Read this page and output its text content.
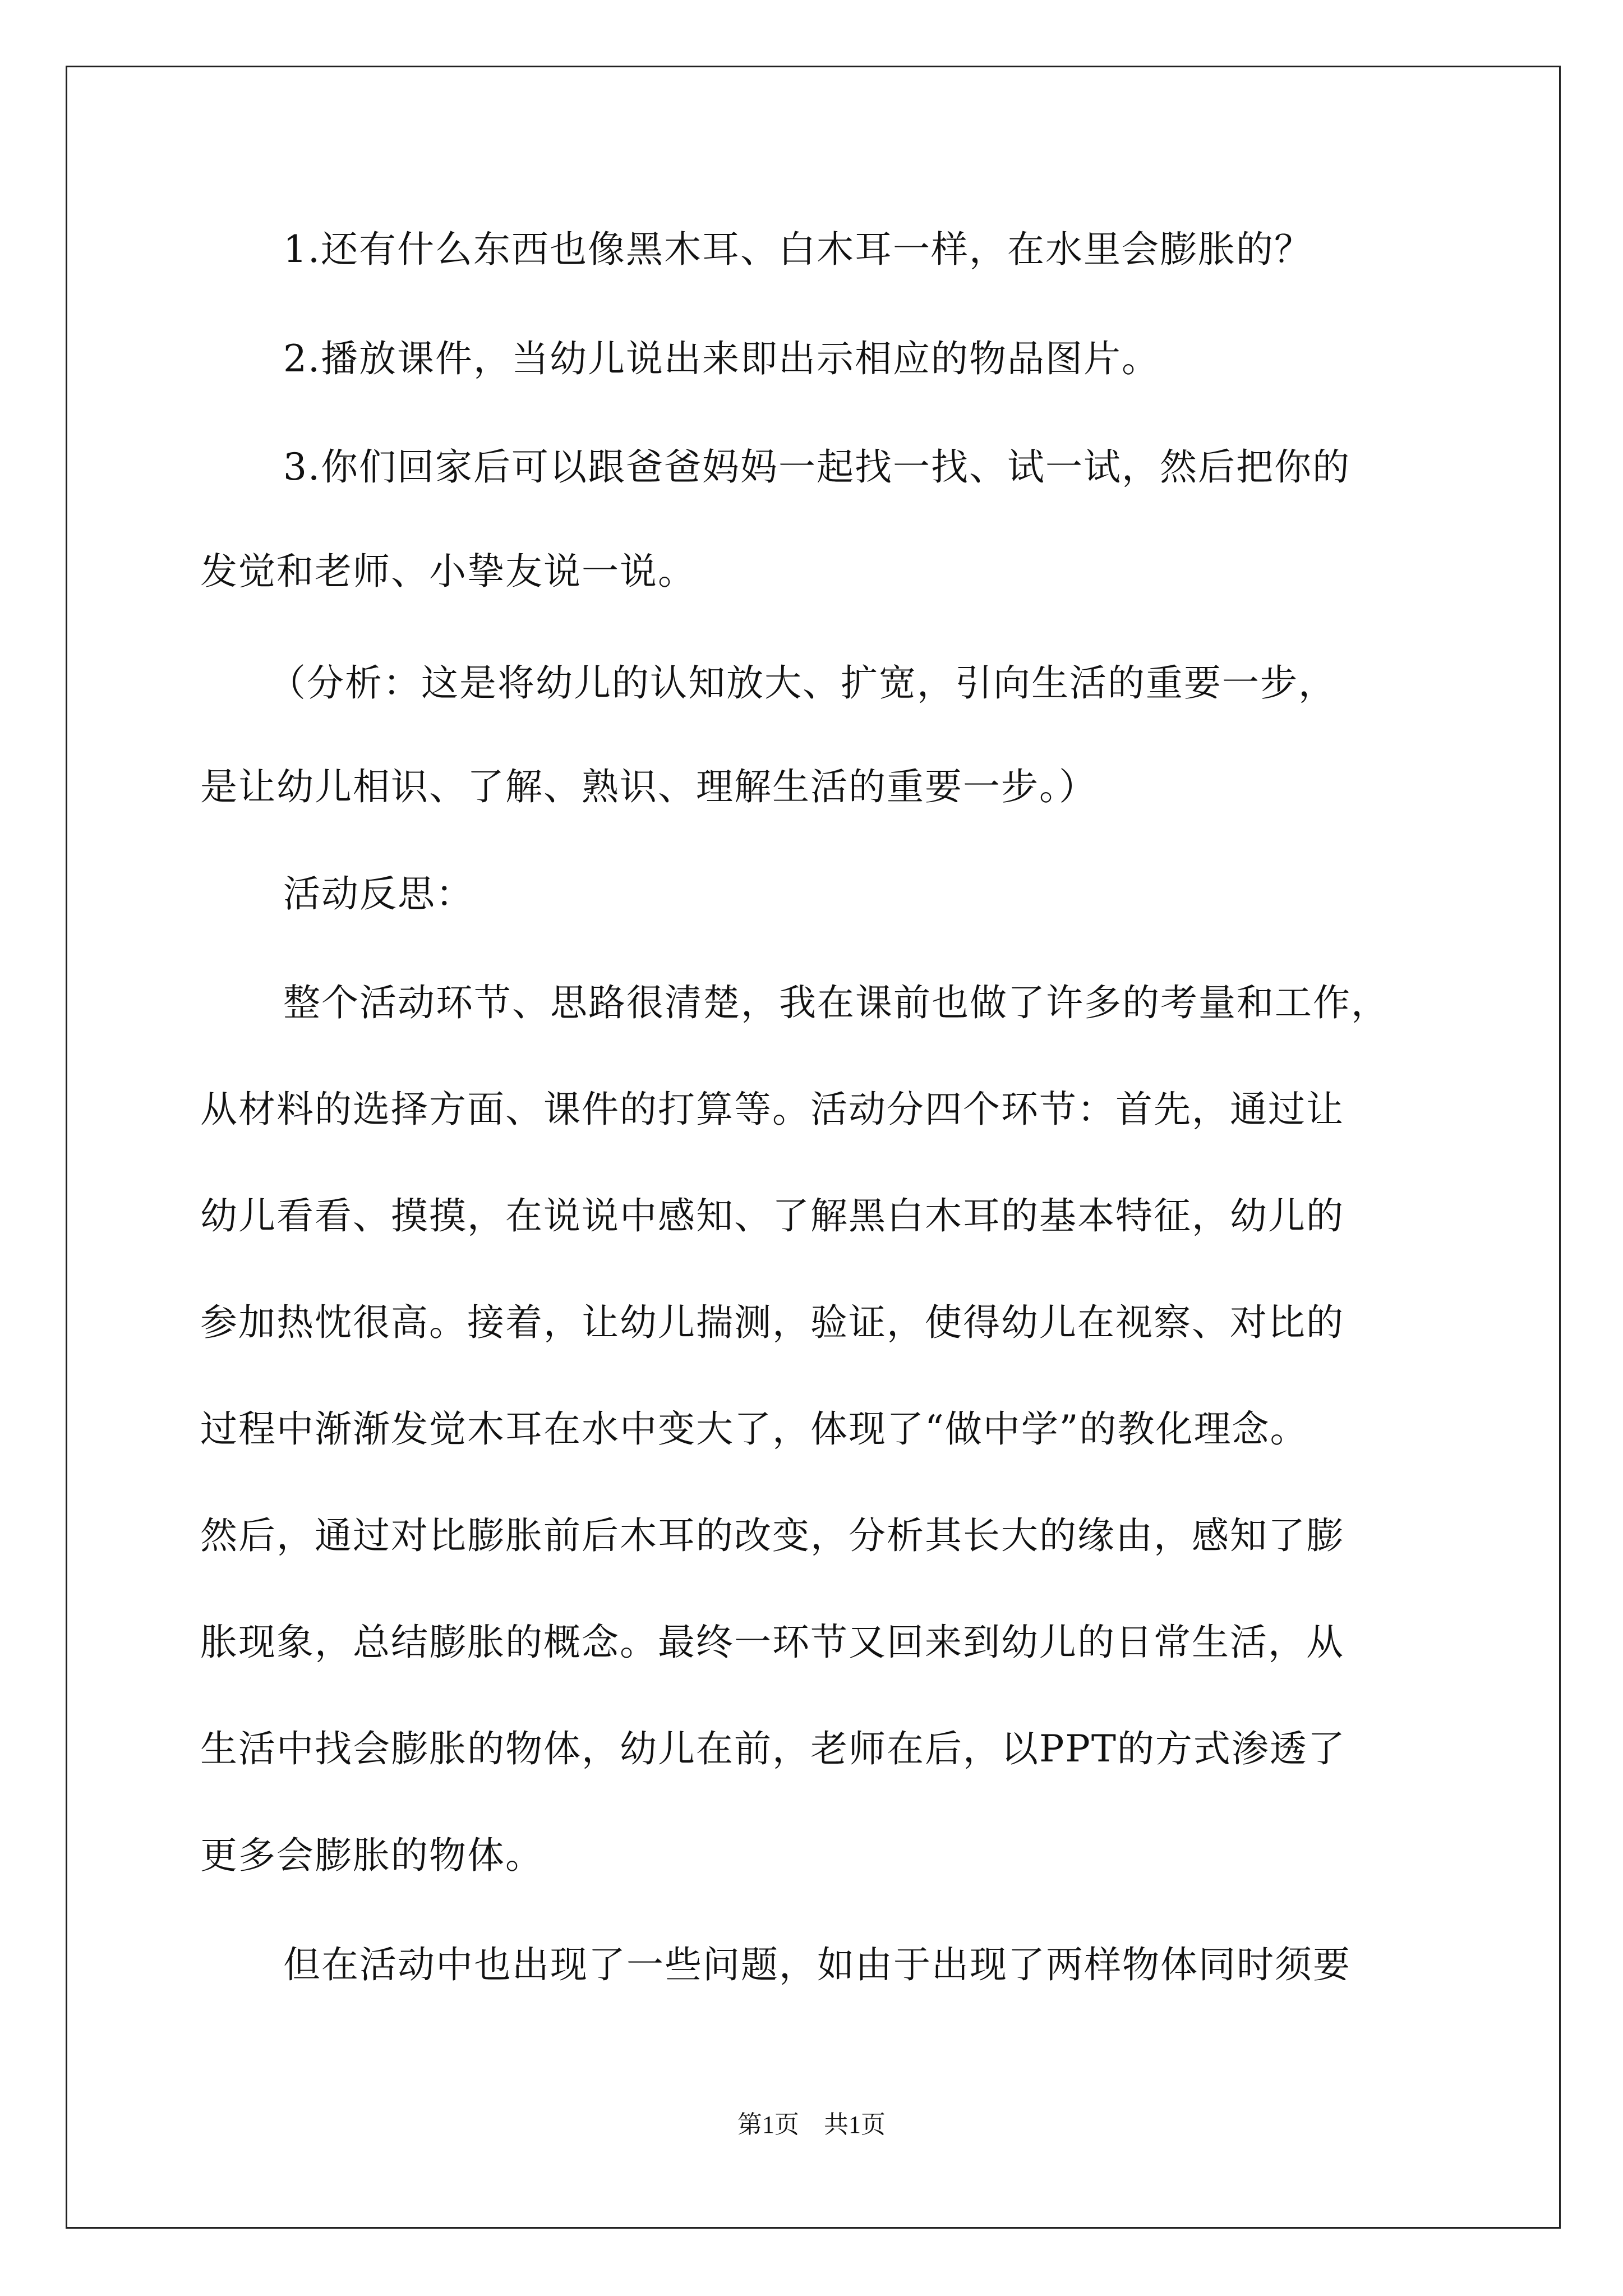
1.还有什么东西也像黑木耳、白木耳一样，在水里会膨胀的？
2.播放课件，当幼儿说出来即出示相应的物品图片。
3.你们回家后可以跟爸爸妈妈一起找一找、试一试，然后把你的
发觉和老师、小挚友说一说。
（分析：这是将幼儿的认知放大、扩宽，引向生活的重要一步，
是让幼儿相识、了解、熟识、理解生活的重要一步。）
活动反思：
整个活动环节、思路很清楚，我在课前也做了许多的考量和工作，
从材料的选择方面、课件的打算等。活动分四个环节：首先，通过让
幼儿看看、摸摸，在说说中感知、了解黑白木耳的基本特征，幼儿的
参加热忱很高。接着，让幼儿揣测，验证，使得幼儿在视察、对比的
过程中渐渐发觉木耳在水中变大了，体现了“做中学”的教化理念。
然后，通过对比膨胀前后木耳的改变，分析其长大的缘由，感知了膨
胀现象，总结膨胀的概念。最终一环节又回来到幼儿的日常生活，从
生活中找会膨胀的物体，幼儿在前，老师在后，以PPT的方式渗透了
更多会膨胀的物体。
但在活动中也出现了一些问题，如由于出现了两样物体同时须要
第1页　共1页
